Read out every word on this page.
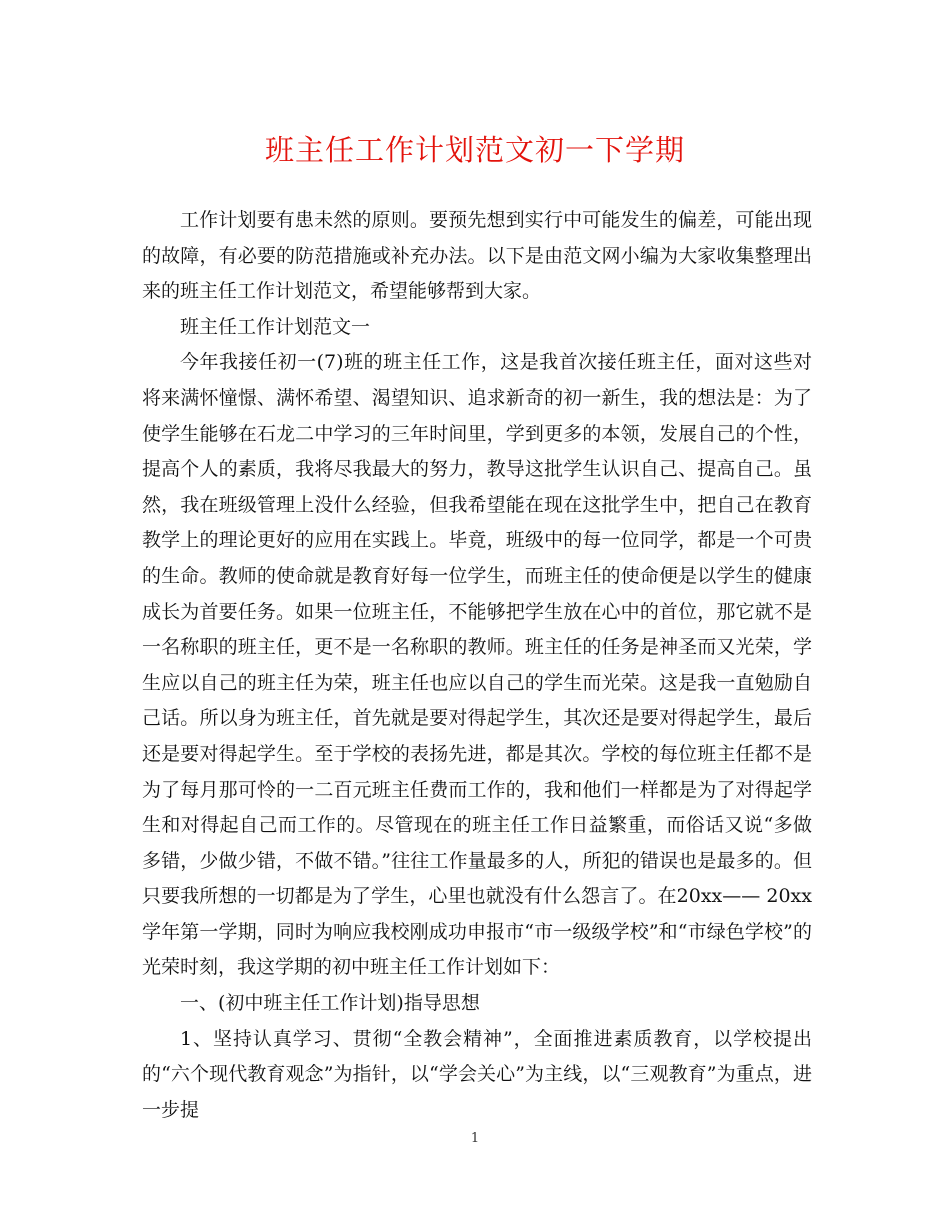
班主任工作计划范文初一下学期

工作计划要有患未然的原则。要预先想到实行中可能发生的偏差，可能出现的故障，有必要的防范措施或补充办法。以下是由范文网小编为大家收集整理出来的班主任工作计划范文，希望能够帮到大家。

班主任工作计划范文一

今年我接任初一(7)班的班主任工作，这是我首次接任班主任，面对这些对将来满怀憧憬、满怀希望、渴望知识、追求新奇的初一新生，我的想法是：为了使学生能够在石龙二中学习的三年时间里，学到更多的本领，发展自己的个性，提高个人的素质，我将尽我最大的努力，教导这批学生认识自己、提高自己。虽然，我在班级管理上没什么经验，但我希望能在现在这批学生中，把自己在教育教学上的理论更好的应用在实践上。毕竟，班级中的每一位同学，都是一个可贵的生命。教师的使命就是教育好每一位学生，而班主任的使命便是以学生的健康成长为首要任务。如果一位班主任，不能够把学生放在心中的首位，那它就不是一名称职的班主任，更不是一名称职的教师。班主任的任务是神圣而又光荣，学生应以自己的班主任为荣，班主任也应以自己的学生而光荣。这是我一直勉励自己话。所以身为班主任，首先就是要对得起学生，其次还是要对得起学生，最后还是要对得起学生。至于学校的表扬先进，都是其次。学校的每位班主任都不是为了每月那可怜的一二百元班主任费而工作的，我和他们一样都是为了对得起学生和对得起自己而工作的。尽管现在的班主任工作日益繁重，而俗话又说“多做多错，少做少错，不做不错。”往往工作量最多的人，所犯的错误也是最多的。但只要我所想的一切都是为了学生，心里也就没有什么怨言了。在20xx—— 20xx学年第一学期，同时为响应我校刚成功申报市“市一级级学校”和“市绿色学校”的光荣时刻，我这学期的初中班主任工作计划如下：

一、(初中班主任工作计划)指导思想

1、坚持认真学习、贯彻“全教会精神”，全面推进素质教育，以学校提出的“六个现代教育观念”为指针，以“学会关心”为主线，以“三观教育”为重点，进一步提

1
